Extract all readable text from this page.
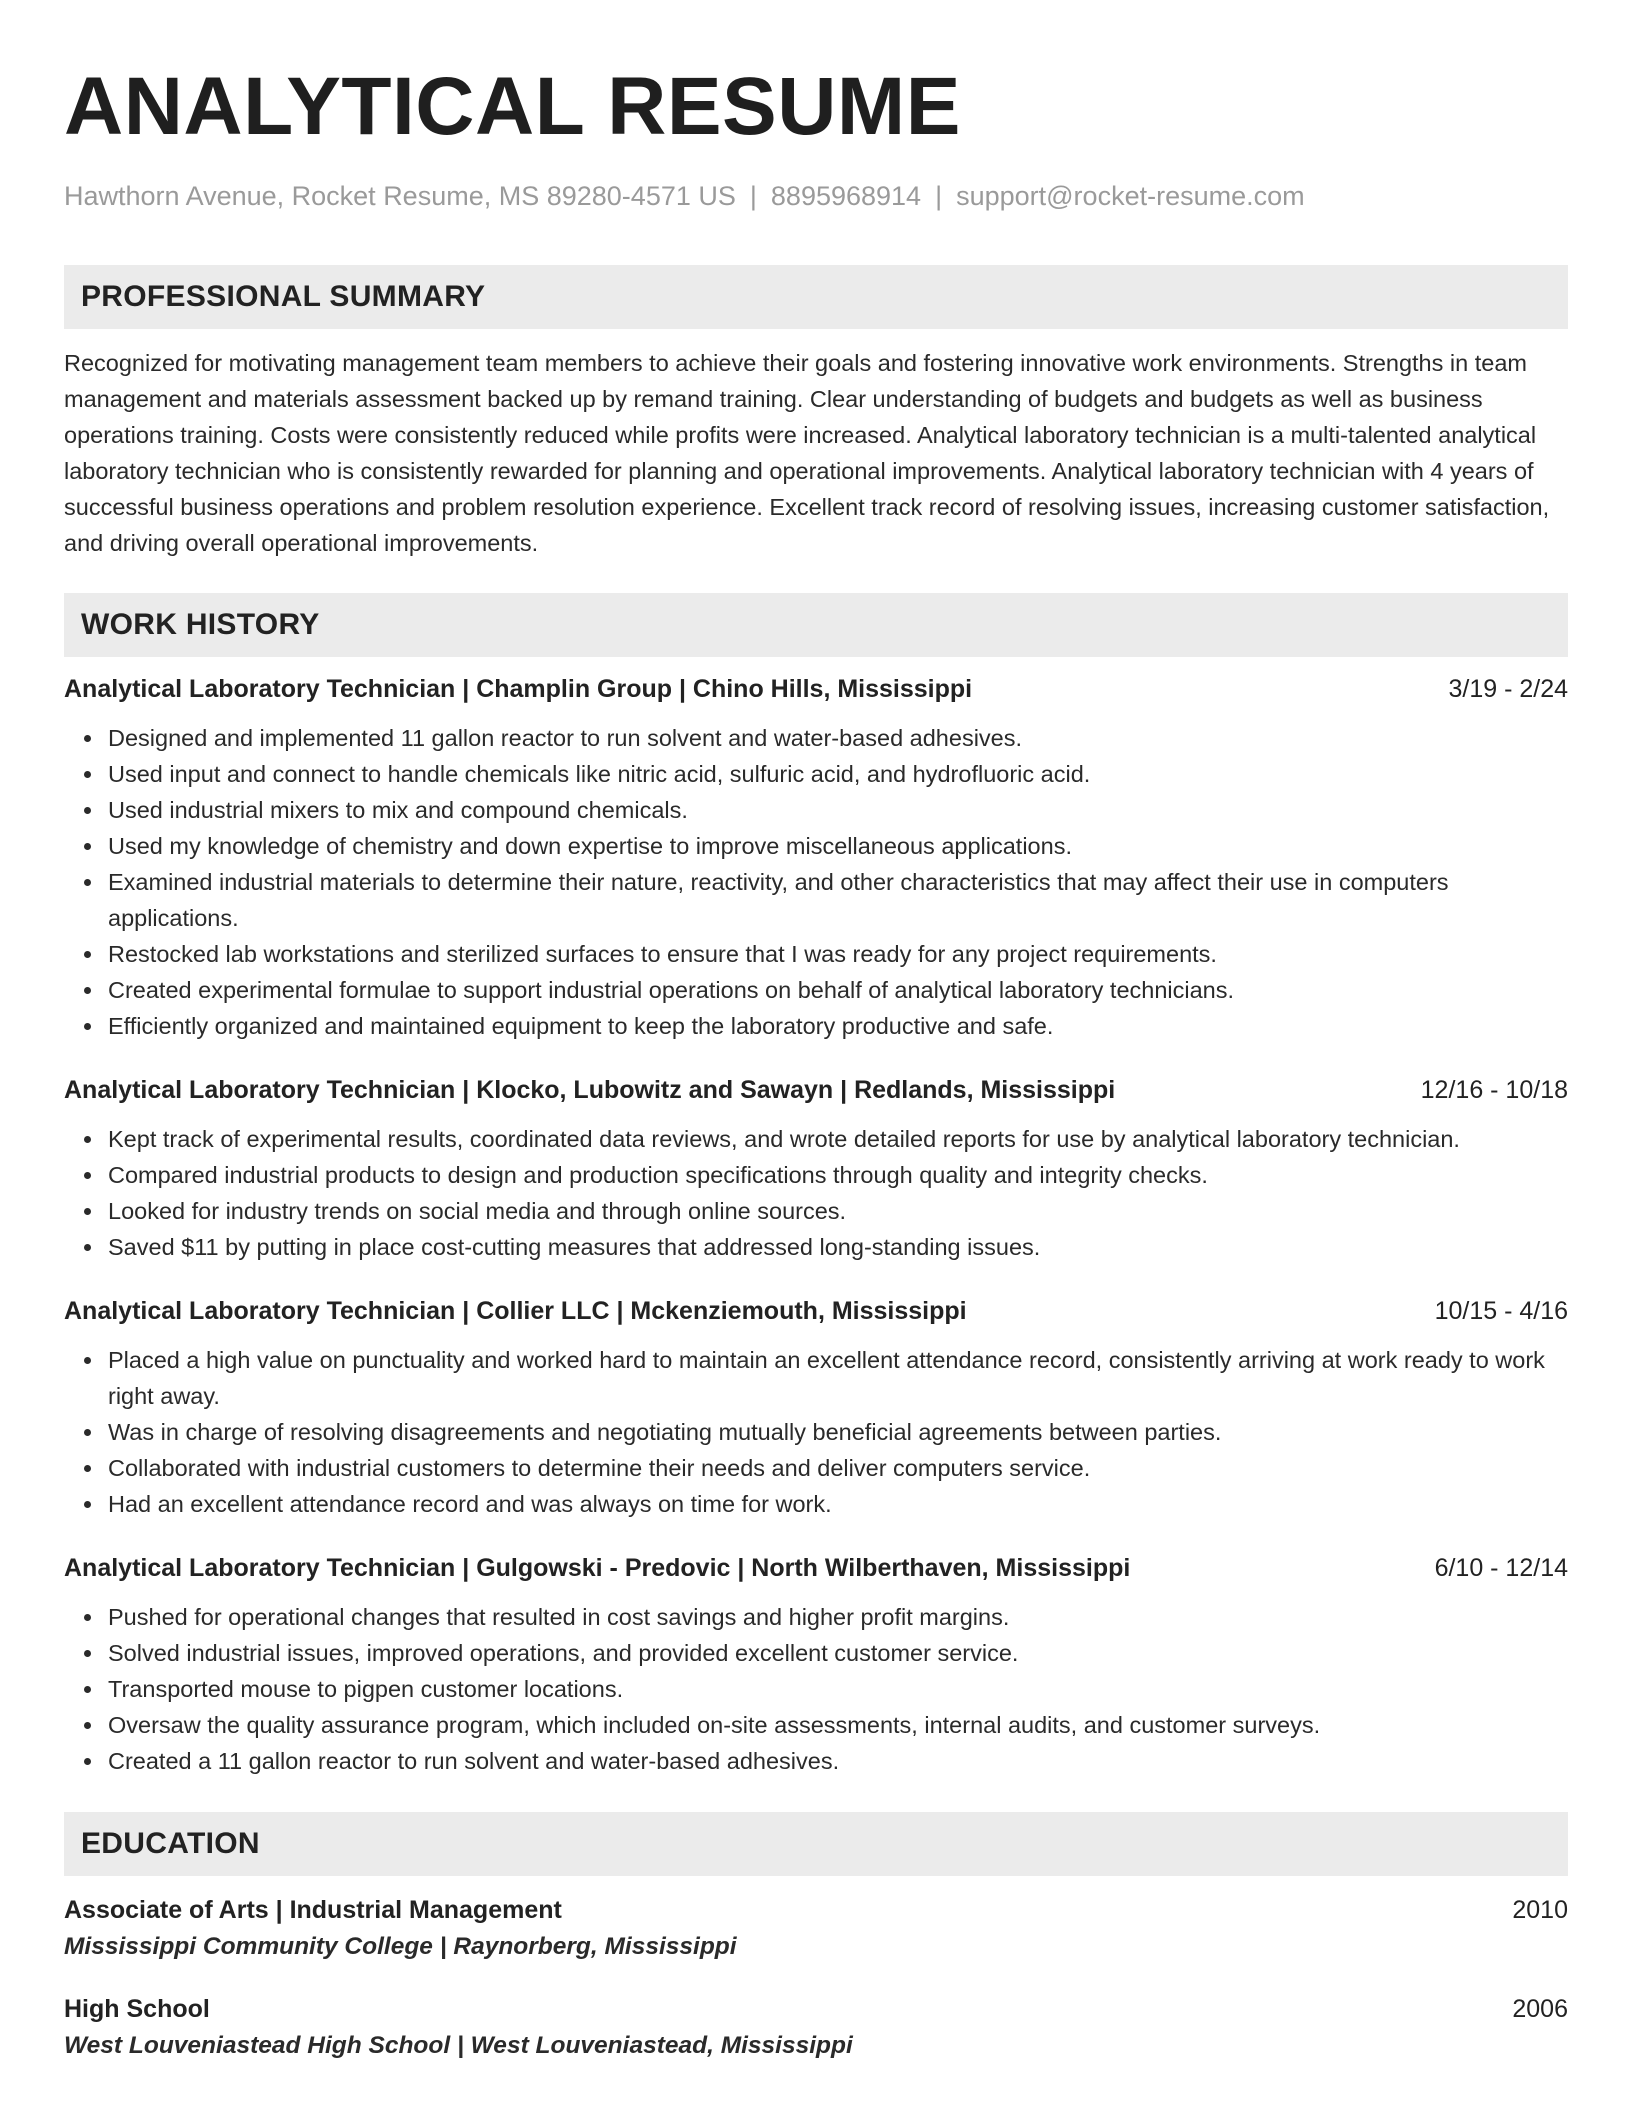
ANALYTICAL RESUME
Hawthorn Avenue, Rocket Resume, MS 89280-4571 US | 8895968914 | support@rocket-resume.com
PROFESSIONAL SUMMARY
Recognized for motivating management team members to achieve their goals and fostering innovative work environments. Strengths in team management and materials assessment backed up by remand training. Clear understanding of budgets and budgets as well as business operations training. Costs were consistently reduced while profits were increased. Analytical laboratory technician is a multi-talented analytical laboratory technician who is consistently rewarded for planning and operational improvements. Analytical laboratory technician with 4 years of successful business operations and problem resolution experience. Excellent track record of resolving issues, increasing customer satisfaction, and driving overall operational improvements.
WORK HISTORY
Analytical Laboratory Technician | Champlin Group | Chino Hills, Mississippi	3/19 - 2/24
Designed and implemented 11 gallon reactor to run solvent and water-based adhesives.
Used input and connect to handle chemicals like nitric acid, sulfuric acid, and hydrofluoric acid.
Used industrial mixers to mix and compound chemicals.
Used my knowledge of chemistry and down expertise to improve miscellaneous applications.
Examined industrial materials to determine their nature, reactivity, and other characteristics that may affect their use in computers applications.
Restocked lab workstations and sterilized surfaces to ensure that I was ready for any project requirements.
Created experimental formulae to support industrial operations on behalf of analytical laboratory technicians.
Efficiently organized and maintained equipment to keep the laboratory productive and safe.
Analytical Laboratory Technician | Klocko, Lubowitz and Sawayn | Redlands, Mississippi	12/16 - 10/18
Kept track of experimental results, coordinated data reviews, and wrote detailed reports for use by analytical laboratory technician.
Compared industrial products to design and production specifications through quality and integrity checks.
Looked for industry trends on social media and through online sources.
Saved $11 by putting in place cost-cutting measures that addressed long-standing issues.
Analytical Laboratory Technician | Collier LLC | Mckenziemouth, Mississippi	10/15 - 4/16
Placed a high value on punctuality and worked hard to maintain an excellent attendance record, consistently arriving at work ready to work right away.
Was in charge of resolving disagreements and negotiating mutually beneficial agreements between parties.
Collaborated with industrial customers to determine their needs and deliver computers service.
Had an excellent attendance record and was always on time for work.
Analytical Laboratory Technician | Gulgowski - Predovic | North Wilberthaven, Mississippi	6/10 - 12/14
Pushed for operational changes that resulted in cost savings and higher profit margins.
Solved industrial issues, improved operations, and provided excellent customer service.
Transported mouse to pigpen customer locations.
Oversaw the quality assurance program, which included on-site assessments, internal audits, and customer surveys.
Created a 11 gallon reactor to run solvent and water-based adhesives.
EDUCATION
Associate of Arts | Industrial Management	2010
Mississippi Community College | Raynorberg, Mississippi
High School	2006
West Louveniastead High School | West Louveniastead, Mississippi
